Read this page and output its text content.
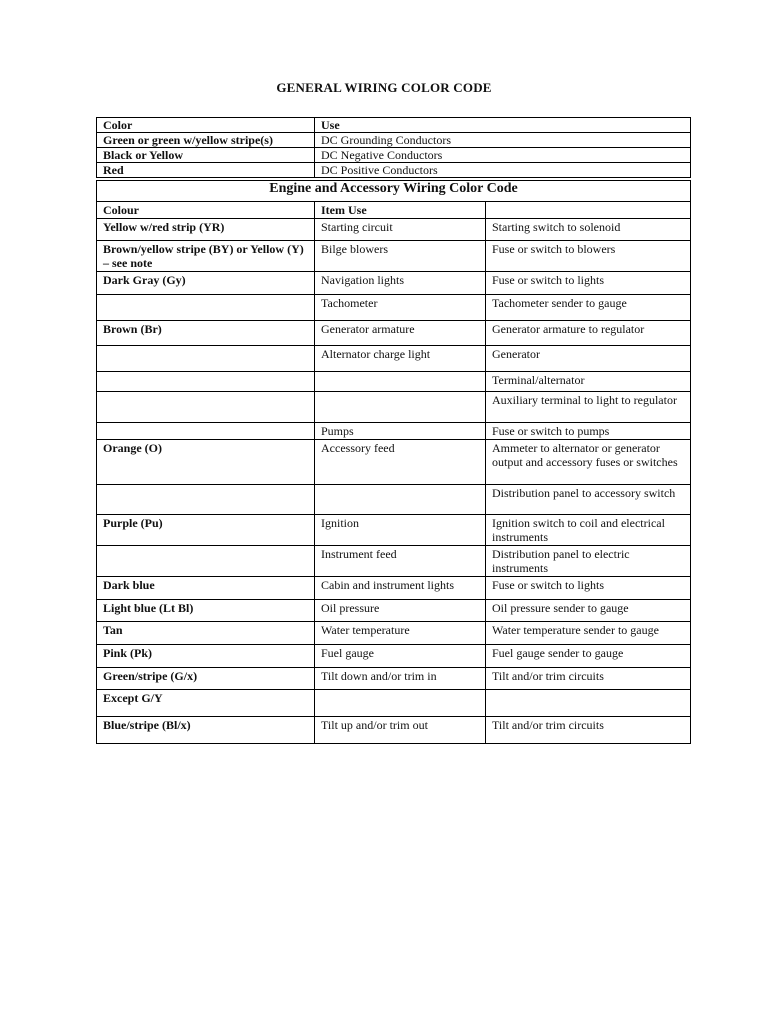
GENERAL WIRING COLOR CODE
Color	Use
Green or green w/yellow stripe(s)	DC Grounding Conductors
Black or Yellow	DC Negative Conductors
Red	DC Positive Conductors
Engine and Accessory Wiring Color Code		
Colour	Item Use	
Yellow w/red strip (YR)	Starting circuit	Starting switch to solenoid
Brown/yellow stripe (BY) or Yellow (Y) – see note	Bilge blowers	Fuse or switch to blowers
Dark Gray (Gy)	Navigation lights	Fuse or switch to lights
	Tachometer	Tachometer sender to gauge
Brown (Br)	Generator armature	Generator armature to regulator
	Alternator charge light	Generator
		Terminal/alternator
		Auxiliary terminal to light to regulator
	Pumps	Fuse or switch to pumps
Orange (O)	Accessory feed	Ammeter to alternator or generator output and accessory fuses or switches
		Distribution panel to accessory switch
Purple (Pu)	Ignition	Ignition switch to coil and electrical instruments
	Instrument feed	Distribution panel to electric instruments
Dark blue	Cabin and instrument lights	Fuse or switch to lights
Light blue (Lt Bl)	Oil pressure	Oil pressure sender to gauge
Tan	Water temperature	Water temperature sender to gauge
Pink (Pk)	Fuel gauge	Fuel gauge sender to gauge
Green/stripe (G/x)	Tilt down and/or trim in	Tilt and/or trim circuits
Except G/Y		
Blue/stripe (Bl/x)	Tilt up and/or trim out	Tilt and/or trim circuits
